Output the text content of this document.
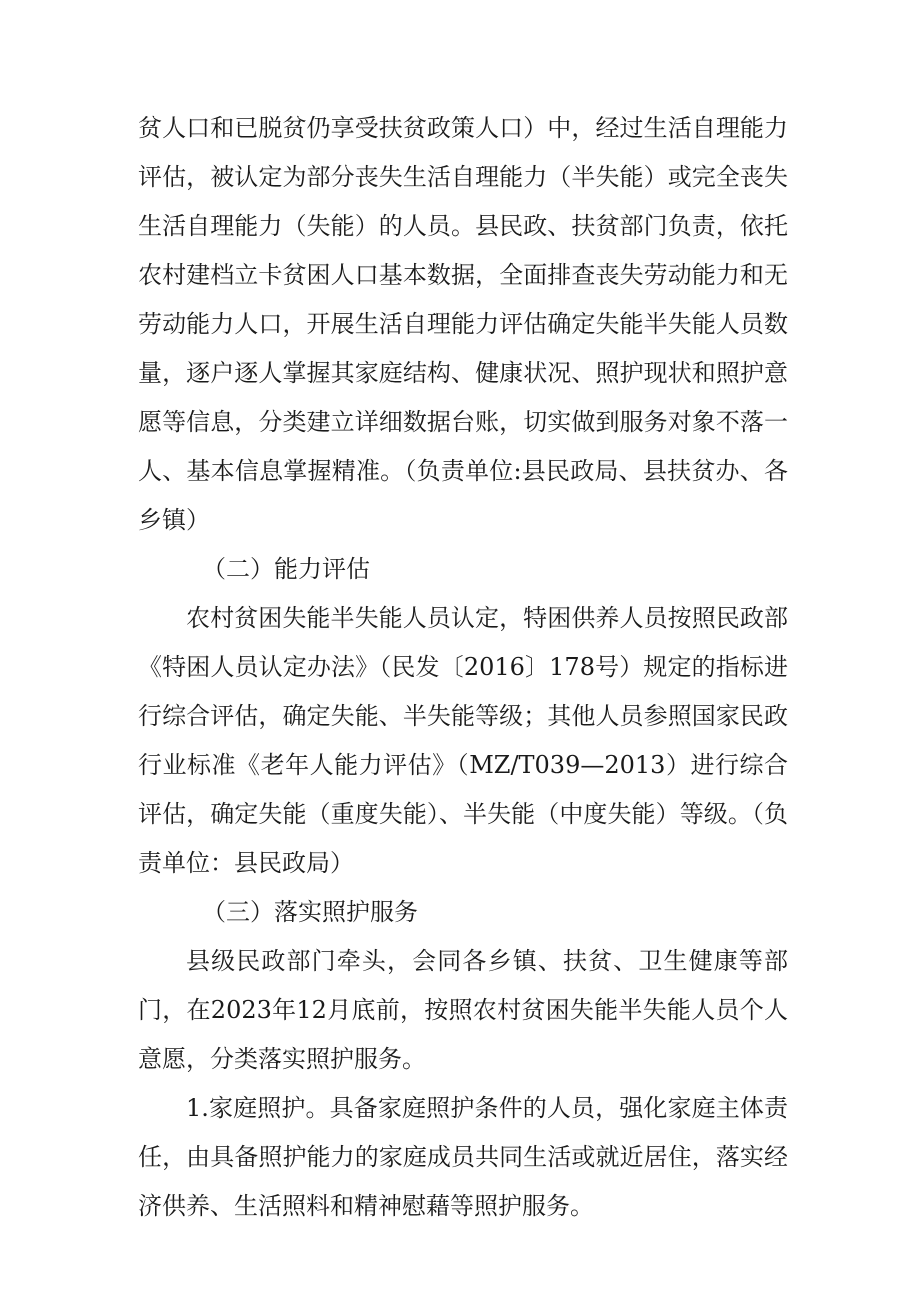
贫人口和已脱贫仍享受扶贫政策人口）中，经过生活自理能力评估，被认定为部分丧失生活自理能力（半失能）或完全丧失生活自理能力（失能）的人员。县民政、扶贫部门负责，依托农村建档立卡贫困人口基本数据，全面排查丧失劳动能力和无劳动能力人口，开展生活自理能力评估确定失能半失能人员数量，逐户逐人掌握其家庭结构、健康状况、照护现状和照护意愿等信息，分类建立详细数据台账，切实做到服务对象不落一人、基本信息掌握精准。（负责单位:县民政局、县扶贫办、各乡镇）

（二）能力评估

农村贫困失能半失能人员认定，特困供养人员按照民政部《特困人员认定办法》（民发〔2016〕178号）规定的指标进行综合评估，确定失能、半失能等级；其他人员参照国家民政行业标准《老年人能力评估》（MZ/T039—2013）进行综合评估，确定失能（重度失能）、半失能（中度失能）等级。（负责单位：县民政局）

（三）落实照护服务

县级民政部门牵头，会同各乡镇、扶贫、卫生健康等部门，在2023年12月底前，按照农村贫困失能半失能人员个人意愿，分类落实照护服务。

1.家庭照护。具备家庭照护条件的人员，强化家庭主体责任，由具备照护能力的家庭成员共同生活或就近居住，落实经济供养、生活照料和精神慰藉等照护服务。
